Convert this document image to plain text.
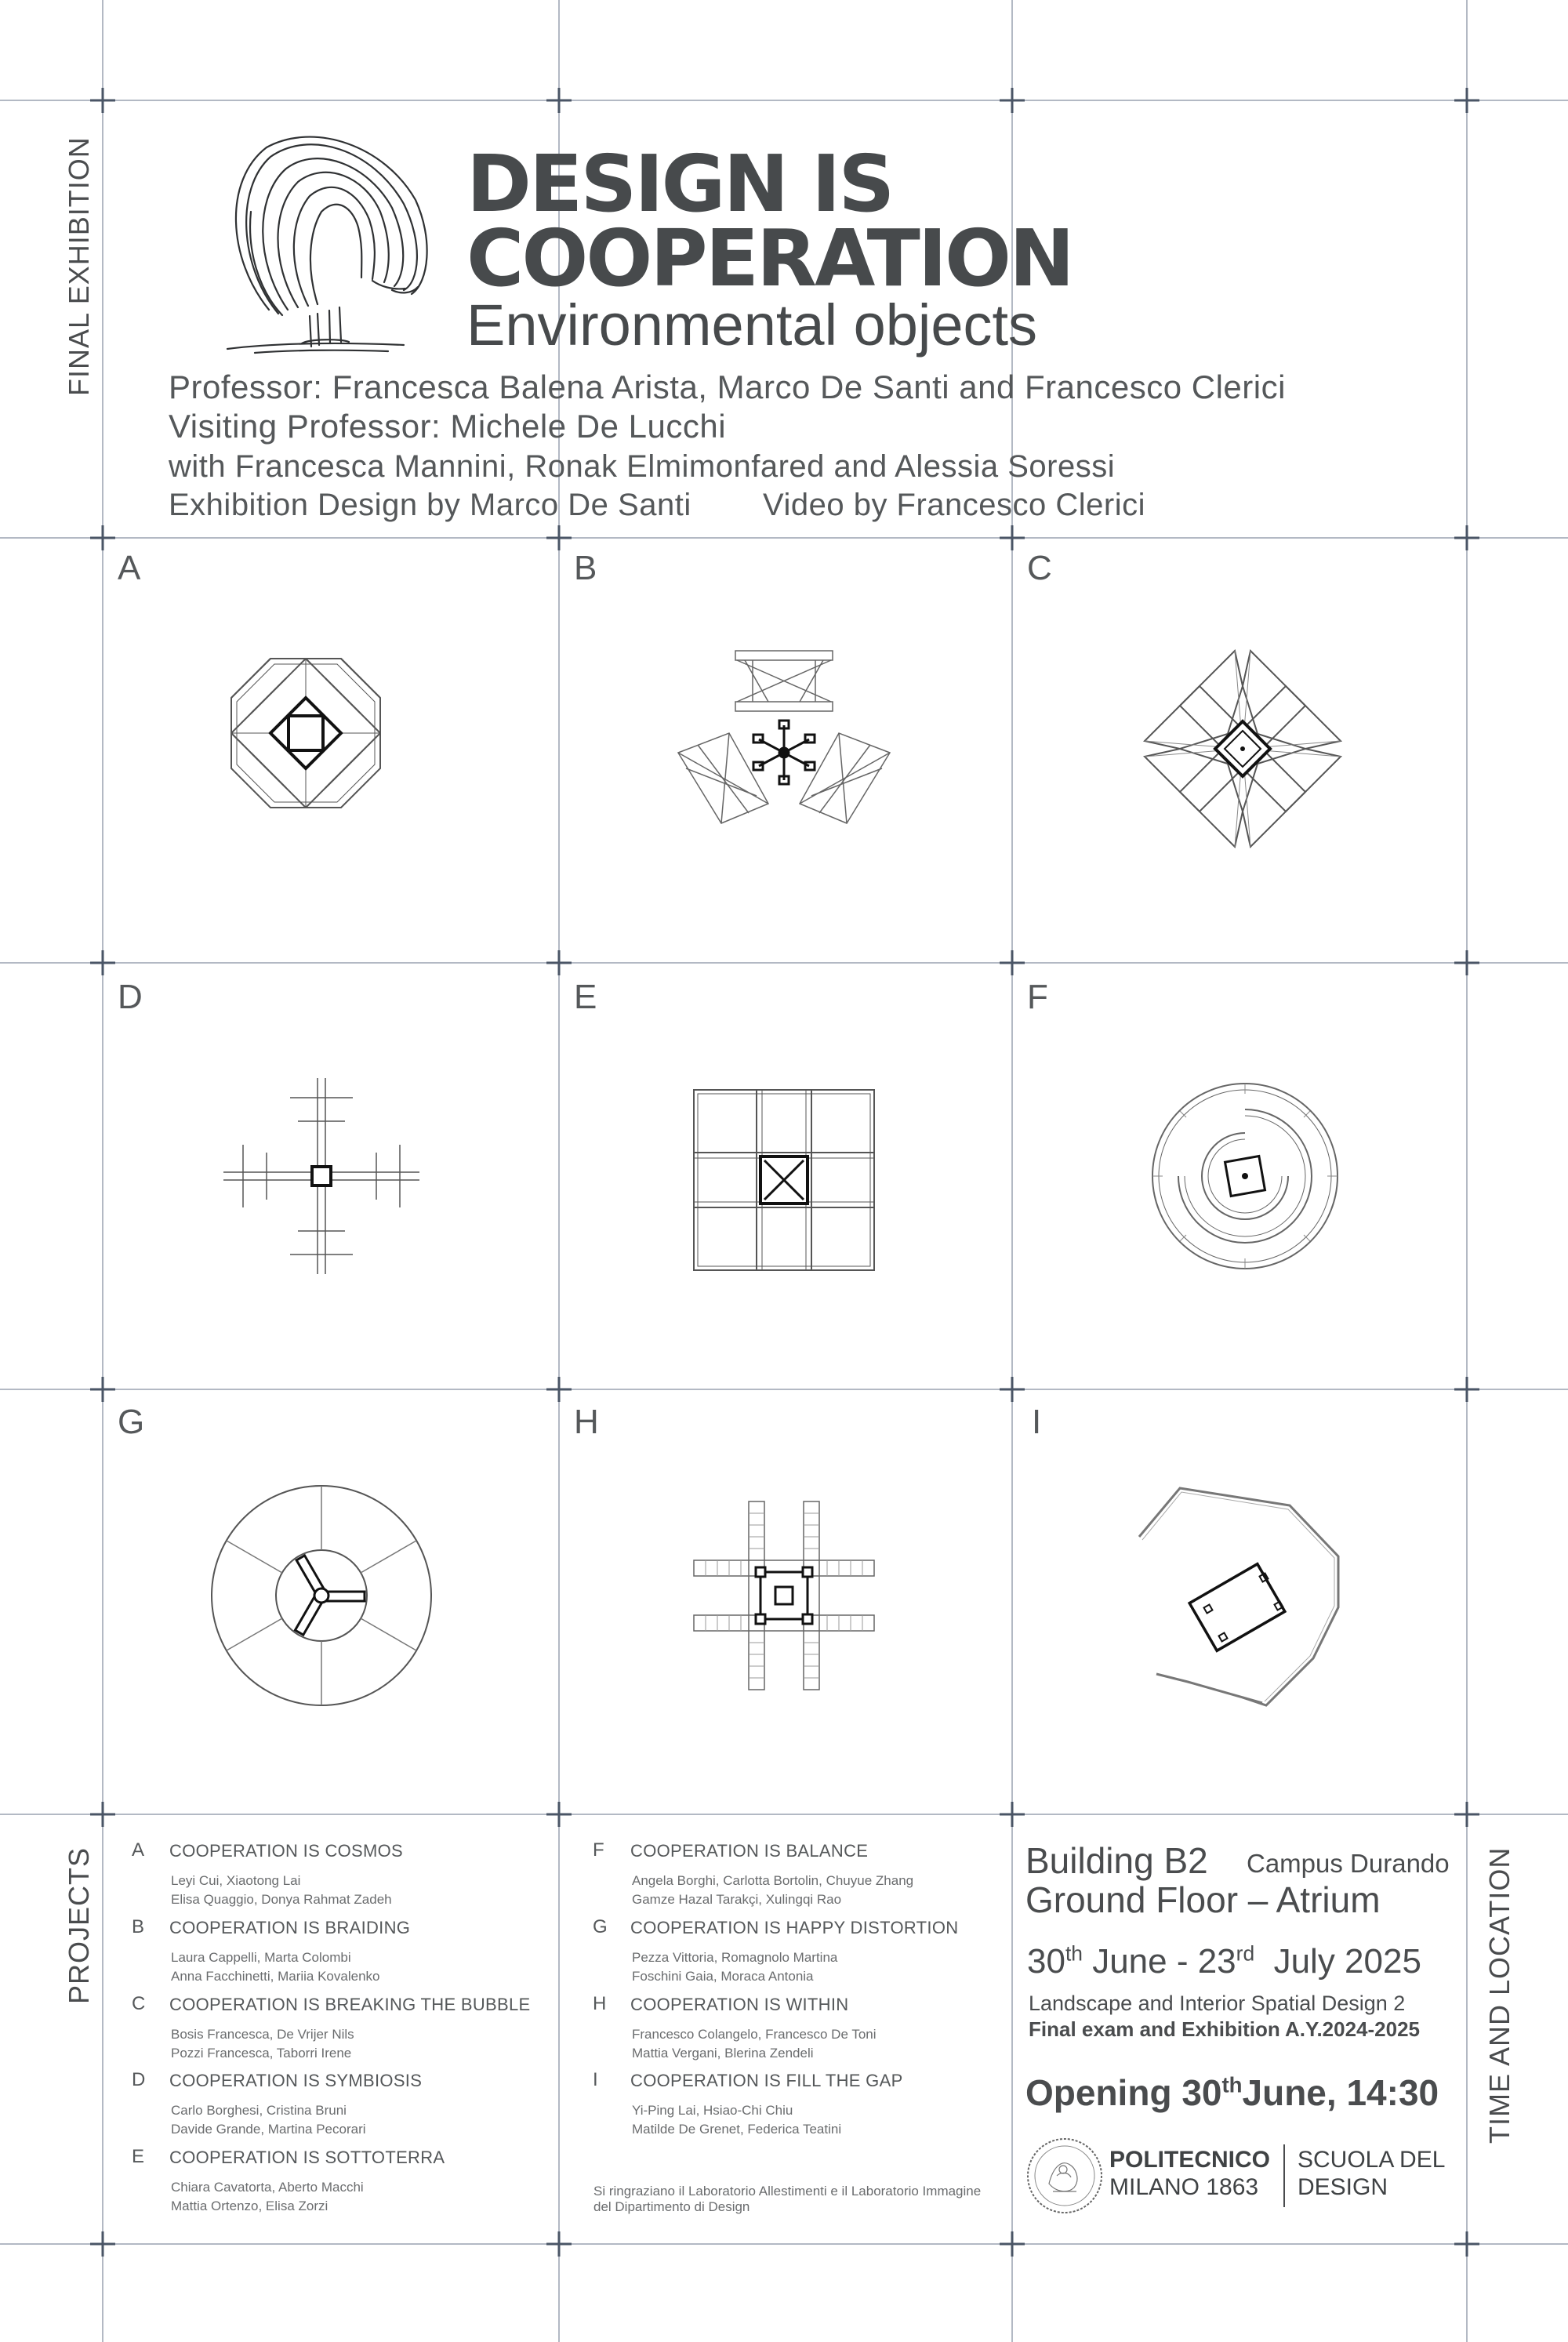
FINAL EXHIBITION
PROJECTS	TIME AND LOCATION
DESIGN IS
COOPERATION
Environmental objects
Professor: Francesca Balena Arista, Marco De Santi and Francesco Clerici
Visiting Professor: Michele De Lucchi
with Francesca Mannini, Ronak Elmimonfared and Alessia Soressi
Exhibition Design by Marco De Santi Video by Francesco Clerici
A	B	C
D	E	F
G	H	I
A COOPERATION IS COSMOS
Leyi Cui, Xiaotong Lai
Elisa Quaggio, Donya Rahmat Zadeh
B COOPERATION IS BRAIDING
Laura Cappelli, Marta Colombi
Anna Facchinetti, Mariia Kovalenko
C COOPERATION IS BREAKING THE BUBBLE
Bosis Francesca, De Vrijer Nils
Pozzi Francesca, Taborri Irene
D COOPERATION IS SYMBIOSIS
Carlo Borghesi, Cristina Bruni
Davide Grande, Martina Pecorari
E COOPERATION IS SOTTOTERRA
Chiara Cavatorta, Aberto Macchi
Mattia Ortenzo, Elisa Zorzi
F COOPERATION IS BALANCE
Angela Borghi, Carlotta Bortolin, Chuyue Zhang
Gamze Hazal Tarakçi, Xulingqi Rao
G COOPERATION IS HAPPY DISTORTION
Pezza Vittoria, Romagnolo Martina
Foschini Gaia, Moraca Antonia
H COOPERATION IS WITHIN
Francesco Colangelo, Francesco De Toni
Mattia Vergani, Blerina Zendeli
I COOPERATION IS FILL THE GAP
Yi-Ping Lai, Hsiao-Chi Chiu
Matilde De Grenet, Federica Teatini
Si ringraziano il Laboratorio Allestimenti e il Laboratorio Immagine del Dipartimento di Design
Building B2 Campus Durando
Ground Floor – Atrium
30th June - 23rd  July 2025
Landscape and Interior Spatial Design 2
Final exam and Exhibition A.Y.2024-2025
Opening 30thJune, 14:30
POLITECNICO
MILANO 1863
SCUOLA DEL
DESIGN
